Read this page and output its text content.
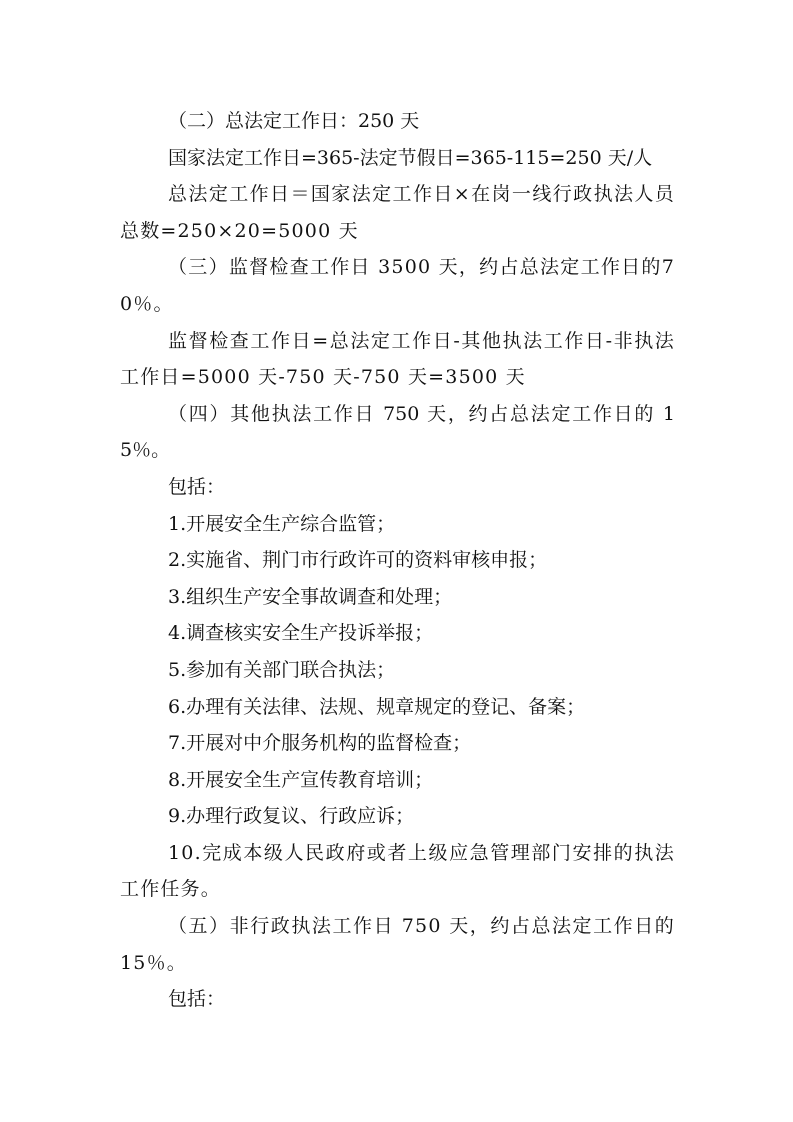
（二）总法定工作日：250 天

国家法定工作日=365-法定节假日=365-115=250 天/人

总法定工作日＝国家法定工作日×在岗一线行政执法人员总数=250×20=5000 天

（三）监督检查工作日 3500 天，约占总法定工作日的70％。

监督检查工作日=总法定工作日-其他执法工作日-非执法工作日=5000 天-750 天-750 天=3500 天

（四）其他执法工作日 750 天，约占总法定工作日的 15％。

包括：

1.开展安全生产综合监管；

2.实施省、荆门市行政许可的资料审核申报；

3.组织生产安全事故调查和处理；

4.调查核实安全生产投诉举报；

5.参加有关部门联合执法；

6.办理有关法律、法规、规章规定的登记、备案；

7.开展对中介服务机构的监督检查；

8.开展安全生产宣传教育培训；

9.办理行政复议、行政应诉；

10.完成本级人民政府或者上级应急管理部门安排的执法工作任务。

（五）非行政执法工作日 750 天，约占总法定工作日的15％。

包括：
